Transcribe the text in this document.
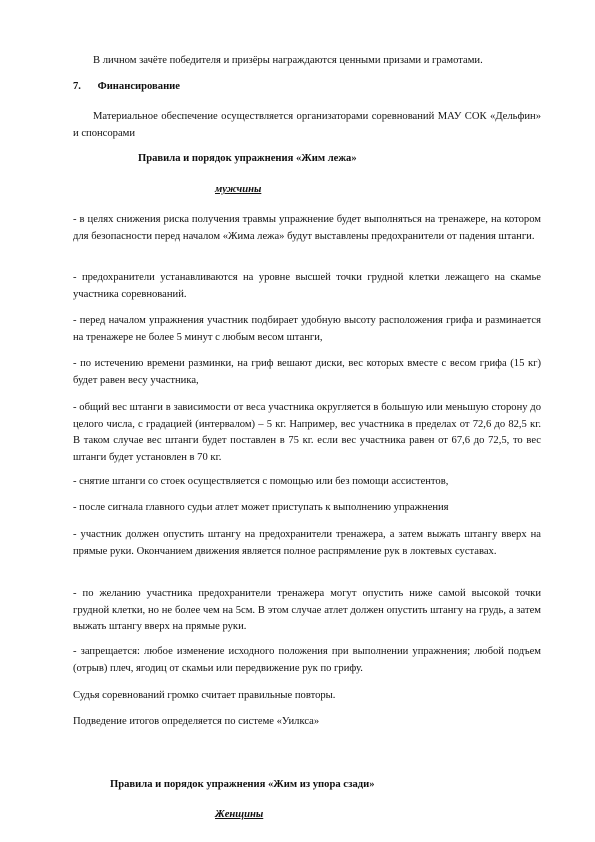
В личном зачёте победителя и призёры награждаются ценными призами и грамотами.

7. Финансирование

Материальное обеспечение осуществляется организаторами соревнований МАУ СОК «Дельфин» и спонсорами

Правила и порядок упражнения «Жим лежа»

мужчины

- в целях снижения риска получения травмы упражнение будет выполняться на тренажере, на котором для безопасности перед началом «Жима лежа» будут выставлены предохранители от падения штанги.

- предохранители устанавливаются на уровне высшей точки грудной клетки лежащего на скамье участника соревнований.

- перед началом упражнения участник подбирает удобную высоту расположения грифа и разминается на тренажере не более 5 минут с любым весом штанги,

- по истечению времени разминки, на гриф вешают диски, вес которых вместе с весом грифа (15 кг) будет равен весу участника,

- общий вес штанги в зависимости от веса участника округляется в большую или меньшую сторону до целого числа, с градацией (интервалом) – 5 кг. Например, вес участника в пределах от 72,6 до 82,5 кг. В таком случае вес штанги будет поставлен в 75 кг. если вес участника равен от 67,6 до 72,5, то вес штанги будет установлен в 70 кг.

- снятие штанги со стоек осуществляется с помощью или без помощи ассистентов,

- после сигнала главного судьи атлет может приступать к выполнению упражнения

- участник должен опустить штангу на предохранители тренажера, а затем выжать штангу вверх на прямые руки. Окончанием движения является полное распрямление рук в локтевых суставах.

- по желанию участника предохранители тренажера могут опустить ниже самой высокой точки грудной клетки, но не более чем на 5см. В этом случае атлет должен опустить штангу на грудь, а затем выжать штангу вверх на прямые руки.

- запрещается: любое изменение исходного положения при выполнении упражнения; любой подъем (отрыв) плеч, ягодиц от скамьи или передвижение рук по грифу.

Судья соревнований громко считает правильные повторы.

Подведение итогов определяется по системе «Уилкса»

Правила и порядок упражнения «Жим из упора сзади»

Женщины
